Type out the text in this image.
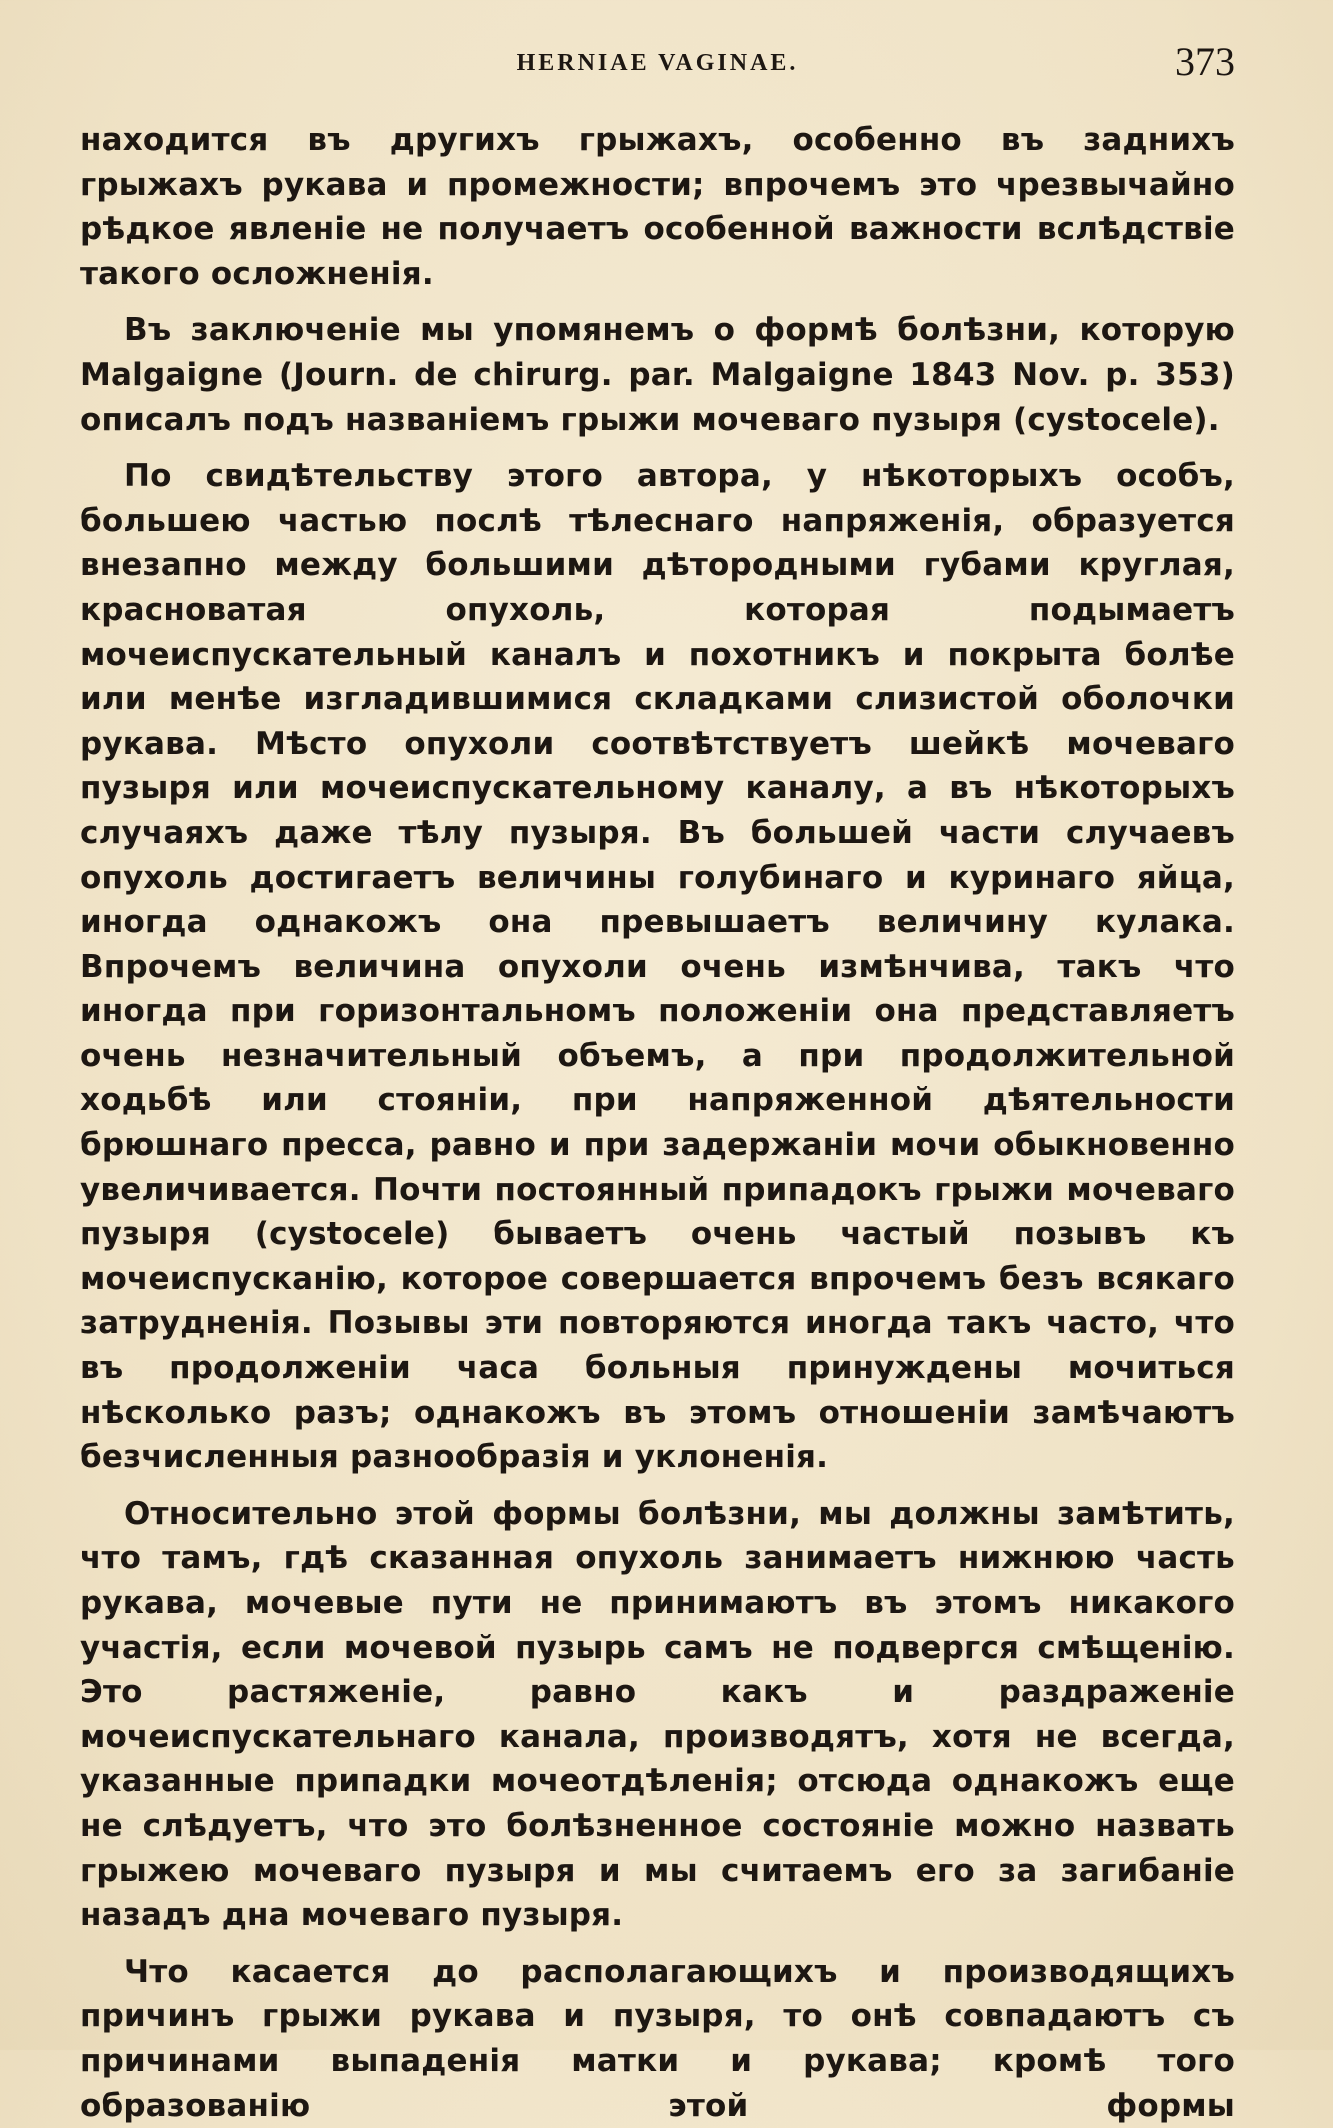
HERNIAE VAGINAE.	373

находится въ другихъ грыжахъ, особенно въ заднихъ грыжахъ рукава и промежности; впрочемъ это чрезвычайно рѣдкое явленiе не получаетъ особенной важности вслѣдствiе такого осложненiя.

Въ заключенiе мы упомянемъ о формѣ болѣзни, которую Malgaigne (Journ. de chirurg. par. Malgaigne 1843 Nov. p. 353) описалъ подъ названiемъ грыжи мочеваго пузыря (cystocele).

По свидѣтельству этого автора, у нѣкоторыхъ особъ, большею частью послѣ тѣлеснаго напряженiя, образуется внезапно между большими дѣтородными губами круглая, красноватая опухоль, которая подымаетъ мочеиспускательный каналъ и похотникъ и покрыта болѣе или менѣе изгладившимися складками слизистой оболочки рукава. Мѣсто опухоли соотвѣтствуетъ шейкѣ мочеваго пузыря или мочеиспускательному каналу, а въ нѣкоторыхъ случаяхъ даже тѣлу пузыря. Въ большей части случаевъ опухоль достигаетъ величины голубинаго и куринаго яйца, иногда однакожъ она превышаетъ величину кулака. Впрочемъ величина опухоли очень измѣнчива, такъ что иногда при горизонтальномъ положенiи она представляетъ очень незначительный объемъ, а при продолжительной ходьбѣ или стоянiи, при напряженной дѣятельности брюшнаго пресса, равно и при задержанiи мочи обыкновенно увеличивается. Почти постоянный припадокъ грыжи мочеваго пузыря (cystocele) бываетъ очень частый позывъ къ мочеиспусканiю, которое совершается впрочемъ безъ всякаго затрудненiя. Позывы эти повторяются иногда такъ часто, что въ продолженiи часа больныя принуждены мочиться нѣсколько разъ; однакожъ въ этомъ отношенiи замѣчаютъ безчисленныя разнообразiя и уклоненiя.

Относительно этой формы болѣзни, мы должны замѣтить, что тамъ, гдѣ сказанная опухоль занимаетъ нижнюю часть рукава, мочевые пути не принимаютъ въ этомъ никакого участiя, если мочевой пузырь самъ не подвергся смѣщенiю. Это растяженiе, равно какъ и раздраженiе мочеиспускательнаго канала, производятъ, хотя не всегда, указанные припадки мочеотдѣленiя; отсюда однакожъ еще не слѣдуетъ, что это болѣзненное состоянiе можно назвать грыжею мочеваго пузыря и мы считаемъ его за загибанiе назадъ дна мочеваго пузыря.

Что касается до располагающихъ и производящихъ причинъ грыжи рукава и пузыря, то онѣ совпадаютъ съ причинами выпаденiя матки и рукава; кромѣ того образованiю этой формы
